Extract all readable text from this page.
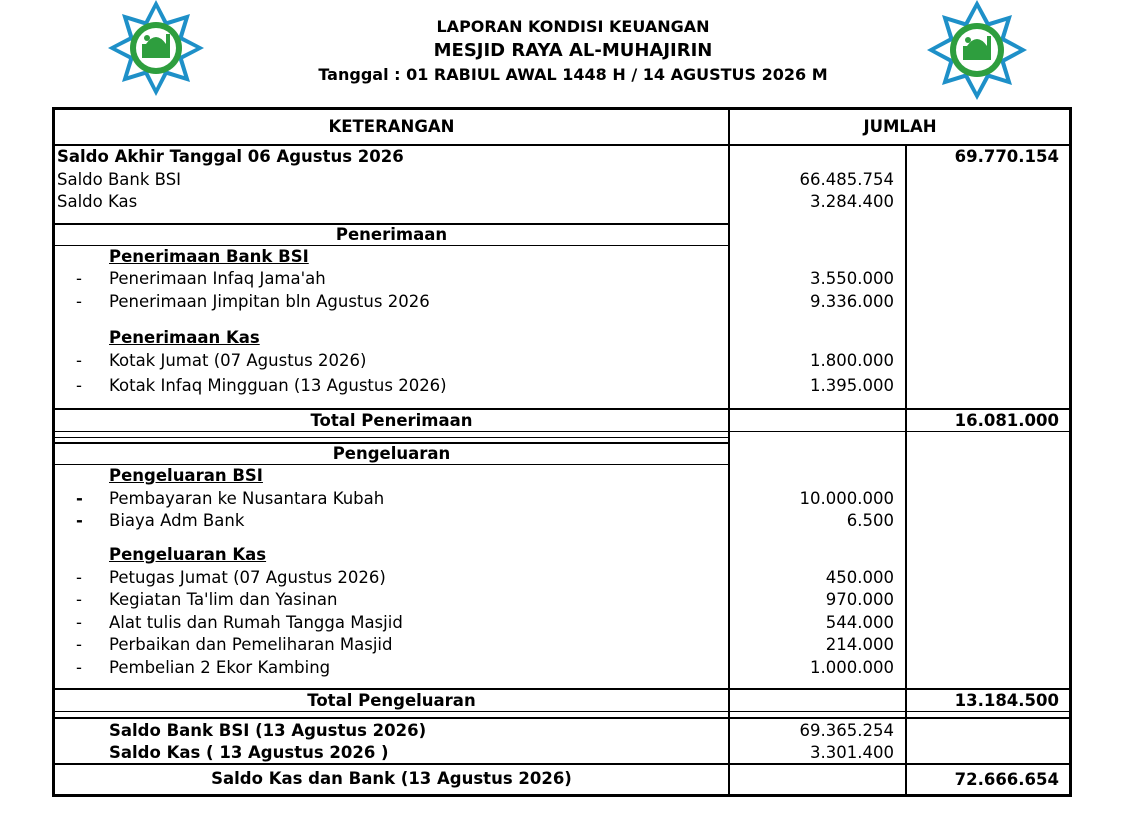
LAPORAN KONDISI KEUANGAN
MESJID RAYA AL-MUHAJIRIN
Tanggal : 01 RABIUL AWAL 1448 H / 14 AGUSTUS 2026 M
KETERANGAN	JUMLAH
Saldo Akhir Tanggal 06 Agustus 2026	69.770.154
Saldo Bank BSI	66.485.754
Saldo Kas	3.284.400
Penerimaan
Penerimaan Bank BSI
- Penerimaan Infaq Jama'ah	3.550.000
- Penerimaan Jimpitan bln Agustus 2026	9.336.000
Penerimaan Kas
- Kotak Jumat (07 Agustus 2026)	1.800.000
- Kotak Infaq Mingguan (13 Agustus 2026)	1.395.000
Total Penerimaan	16.081.000
Pengeluaran
Pengeluaran BSI
- Pembayaran ke Nusantara Kubah	10.000.000
- Biaya Adm Bank	6.500
Pengeluaran Kas
- Petugas Jumat (07 Agustus 2026)	450.000
- Kegiatan Ta'lim dan Yasinan	970.000
- Alat tulis dan Rumah Tangga Masjid	544.000
- Perbaikan dan Pemeliharan Masjid	214.000
- Pembelian 2 Ekor Kambing	1.000.000
Total Pengeluaran	13.184.500
Saldo Bank BSI (13 Agustus 2026)	69.365.254
Saldo Kas ( 13 Agustus 2026 )	3.301.400
Saldo Kas dan Bank (13 Agustus 2026)	72.666.654
